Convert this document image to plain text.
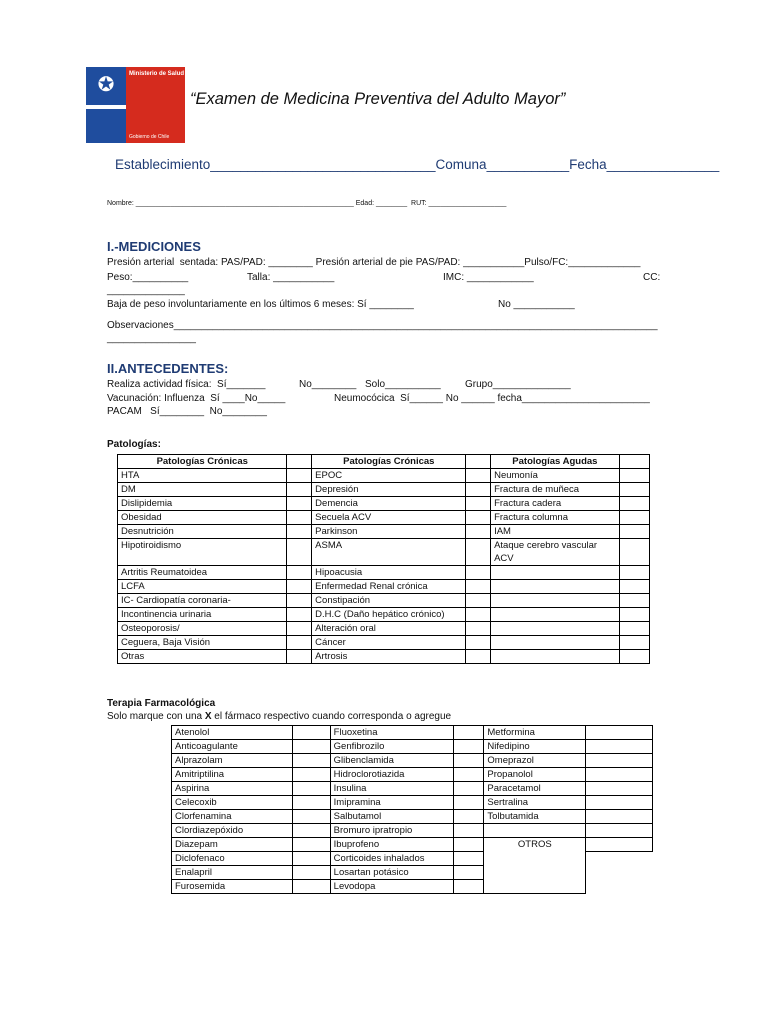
✪	Ministerio de Salud
Gobierno de Chile
“Examen de Medicina Preventiva del Adulto Mayor”
Establecimiento______________________________Comuna___________Fecha_______________
Nombre: ________________________________________________________ Edad: ________  RUT: ____________________
I.-MEDICIONES
Presión arterial  sentada: PAS/PAD: ________ Presión arterial de pie PAS/PAD: ___________Pulso/FC:_____________
Peso:__________	Talla: ___________	IMC: ____________	CC:
______________
Baja de peso involuntariamente en los últimos 6 meses: Sí ________	No ___________
Observaciones_______________________________________________________________________________________
________________
II.ANTECEDENTES:
Realiza actividad física:  Sí_______	No________ Solo__________ Grupo______________
Vacunación: Influenza  Sí ____No_____	Neumocócica  Sí______ No ______ fecha_______________________
PACAM   Sí________  No________
Patologías:
Patologías Crónicas		Patologías Crónicas		Patologías Agudas	
HTA		EPOC		Neumonía	
DM		Depresión		Fractura de muñeca	
Dislipidemia		Demencia		Fractura cadera	
Obesidad		Secuela ACV		Fractura columna	
Desnutrición		Parkinson		IAM	
Hipotiroidismo		ASMA		Ataque cerebro vascular ACV	
Artritis Reumatoidea		Hipoacusia			
LCFA		Enfermedad Renal crónica			
IC- Cardiopatía coronaria-		Constipación			
Incontinencia urinaria		D.H.C (Daño hepático crónico)			
Osteoporosis/		Alteración oral			
Ceguera, Baja Visión		Cáncer			
Otras		Artrosis			
Terapia Farmacológica
Solo marque con una X el fármaco respectivo cuando corresponda o agregue
Atenolol		Fluoxetina		Metformina	
Anticoagulante		Genfibrozilo		Nifedipino	
Alprazolam		Glibenclamida		Omeprazol	
Amitriptilina		Hidroclorotiazida		Propanolol	
Aspirina		Insulina		Paracetamol	
Celecoxib		Imipramina		Sertralina	
Clorfenamina		Salbutamol		Tolbutamida	
Clordiazepóxido		Bromuro ipratropio			
Diazepam		Ibuprofeno		OTROS	
Diclofenaco		Corticoides inhalados			
Enalapril		Losartan potásico			
Furosemida		Levodopa			
